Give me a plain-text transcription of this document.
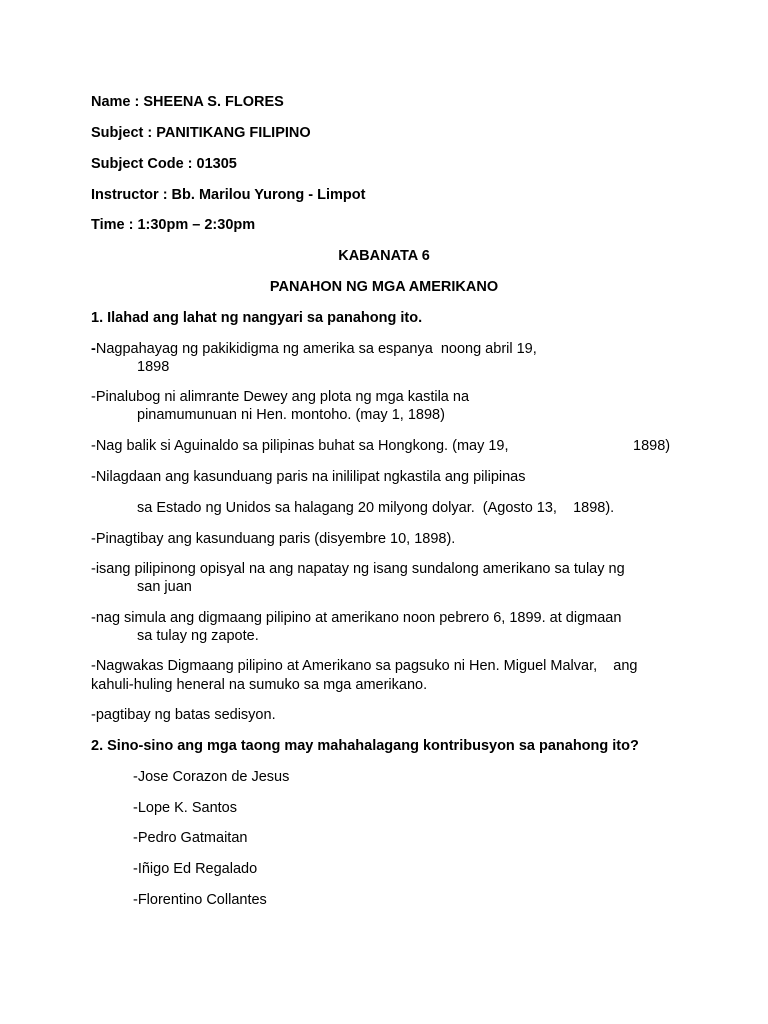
Name : SHEENA S. FLORES
Subject : PANITIKANG FILIPINO
Subject Code : 01305
Instructor : Bb. Marilou Yurong - Limpot
Time : 1:30pm – 2:30pm
KABANATA 6
PANAHON NG MGA AMERIKANO
1. Ilahad ang lahat ng nangyari sa panahong ito.
-Nagpahayag ng pakikidigma ng amerika sa espanya  noong abril 19,
1898
-Pinalubog ni alimrante Dewey ang plota ng mga kastila na
pinamumunuan ni Hen. montoho. (may 1, 1898)
-Nag balik si Aguinaldo sa pilipinas buhat sa Hongkong. (may 19,	1898)
-Nilagdaan ang kasunduang paris na inililipat ngkastila ang pilipinas
sa Estado ng Unidos sa halagang 20 milyong dolyar.  (Agosto 13,    1898).
-Pinagtibay ang kasunduang paris (disyembre 10, 1898).
-isang pilipinong opisyal na ang napatay ng isang sundalong amerikano sa tulay ng
san juan
-nag simula ang digmaang pilipino at amerikano noon pebrero 6, 1899. at digmaan
sa tulay ng zapote.
-Nagwakas Digmaang pilipino at Amerikano sa pagsuko ni Hen. Miguel Malvar,    ang
kahuli-huling heneral na sumuko sa mga amerikano.
-pagtibay ng batas sedisyon.
2. Sino-sino ang mga taong may mahahalagang kontribusyon sa panahong ito?
-Jose Corazon de Jesus
-Lope K. Santos
-Pedro Gatmaitan
-Iñigo Ed Regalado
-Florentino Collantes
